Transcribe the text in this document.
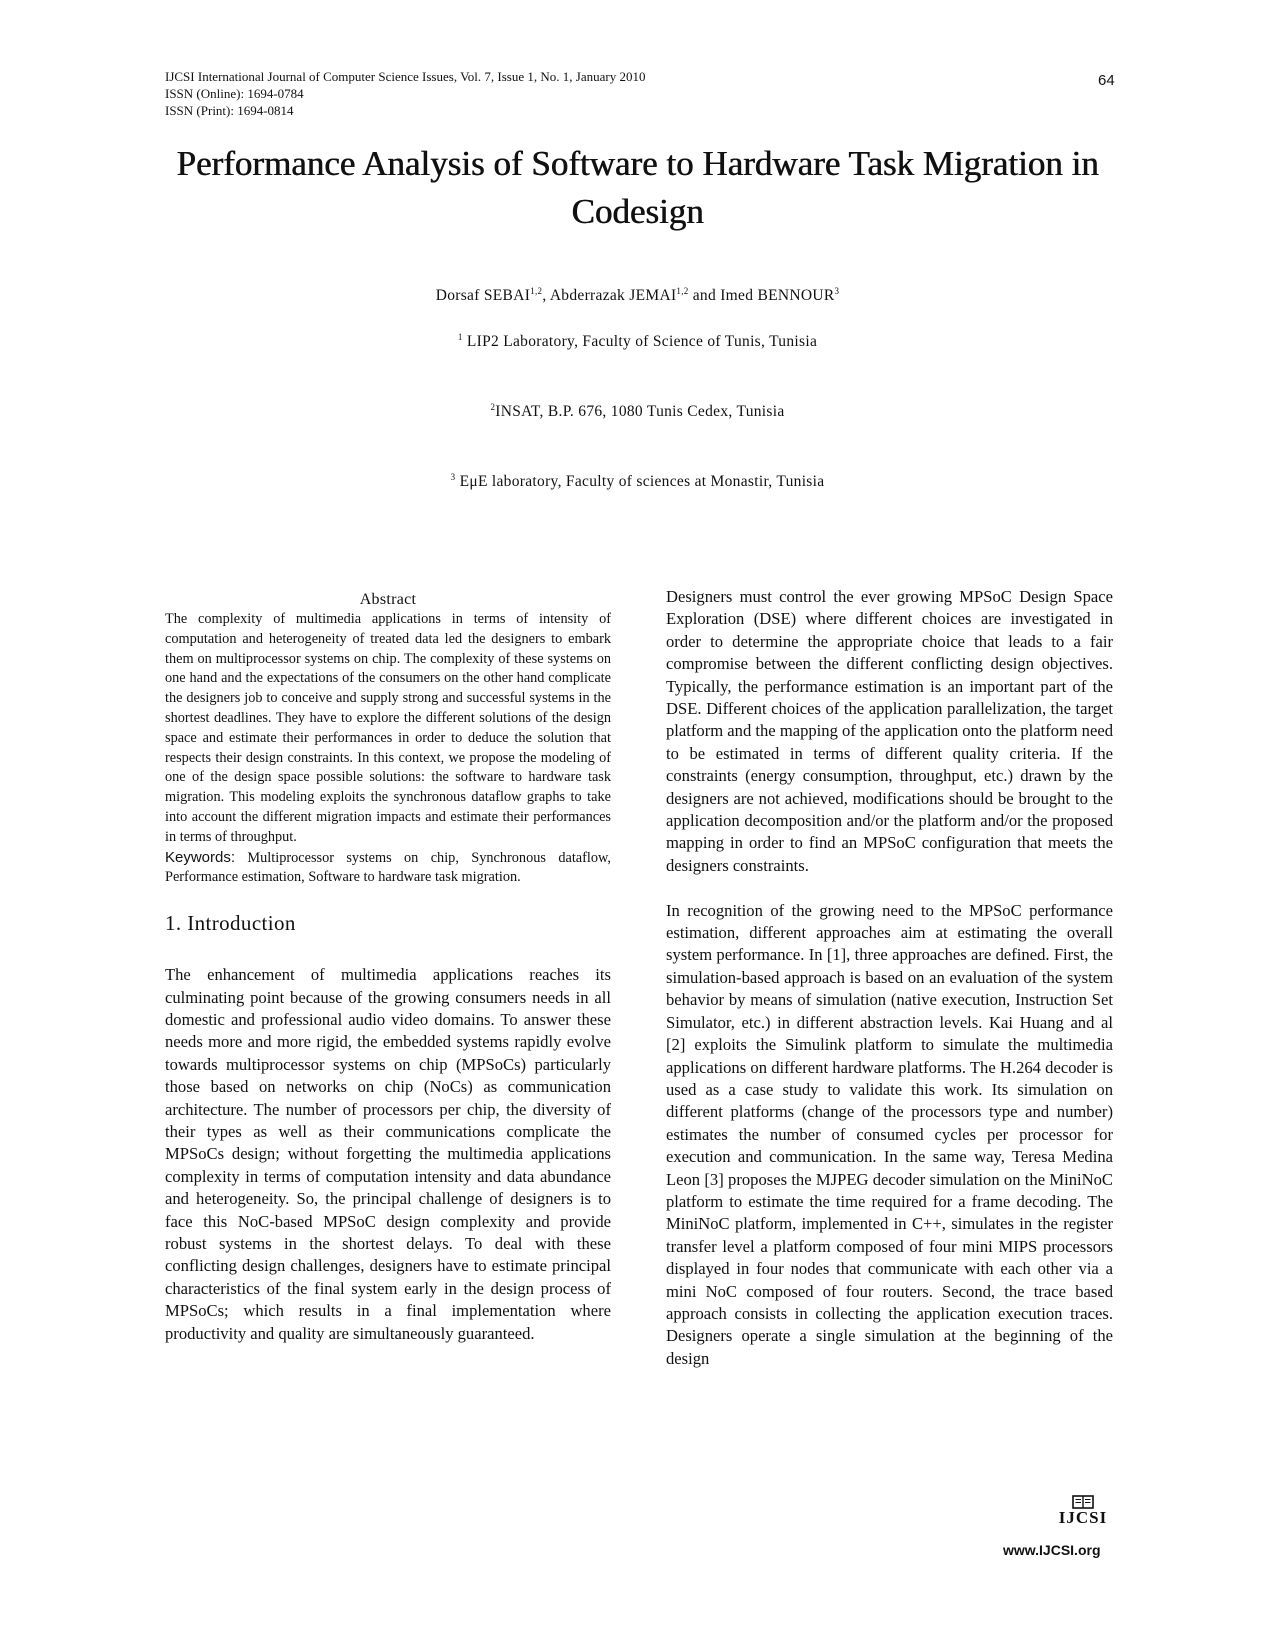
IJCSI International Journal of Computer Science Issues, Vol. 7, Issue 1, No. 1, January 2010
ISSN (Online): 1694-0784
ISSN (Print): 1694-0814
64
Performance Analysis of Software to Hardware Task Migration in Codesign
Dorsaf SEBAI$^{1,2}$, Abderrazak JEMAI$^{1,2}$ and Imed BENNOUR$^3$
$^1$ LIP2 Laboratory, Faculty of Science of Tunis, Tunisia
$^2$INSAT, B.P. 676, 1080 Tunis Cedex, Tunisia
$^3$ EμE laboratory, Faculty of sciences at Monastir, Tunisia
Abstract

The complexity of multimedia applications in terms of intensity of computation and heterogeneity of treated data led the designers to embark them on multiprocessor systems on chip. The complexity of these systems on one hand and the expectations of the consumers on the other hand complicate the designers job to conceive and supply strong and successful systems in the shortest deadlines. They have to explore the different solutions of the design space and estimate their performances in order to deduce the solution that respects their design constraints. In this context, we propose the modeling of one of the design space possible solutions: the software to hardware task migration. This modeling exploits the synchronous dataflow graphs to take into account the different migration impacts and estimate their performances in terms of throughput.

Keywords: Multiprocessor systems on chip, Synchronous dataflow, Performance estimation, Software to hardware task migration.

1. Introduction

The enhancement of multimedia applications reaches its culminating point because of the growing consumers needs in all domestic and professional audio video domains. To answer these needs more and more rigid, the embedded systems rapidly evolve towards multiprocessor systems on chip (MPSoCs) particularly those based on networks on chip (NoCs) as communication architecture. The number of processors per chip, the diversity of their types as well as their communications complicate the MPSoCs design; without forgetting the multimedia applications complexity in terms of computation intensity and data abundance and heterogeneity. So, the principal challenge of designers is to face this NoC-based MPSoC design complexity and provide robust systems in the shortest delays. To deal with these conflicting design challenges, designers have to estimate principal characteristics of the final system early in the design process of MPSoCs; which results in a final implementation where productivity and quality are simultaneously guaranteed.

Designers must control the ever growing MPSoC Design Space Exploration (DSE) where different choices are investigated in order to determine the appropriate choice that leads to a fair compromise between the different conflicting design objectives. Typically, the performance estimation is an important part of the DSE. Different choices of the application parallelization, the target platform and the mapping of the application onto the platform need to be estimated in terms of different quality criteria. If the constraints (energy consumption, throughput, etc.) drawn by the designers are not achieved, modifications should be brought to the application decomposition and/or the platform and/or the proposed mapping in order to find an MPSoC configuration that meets the designers constraints.

In recognition of the growing need to the MPSoC performance estimation, different approaches aim at estimating the overall system performance. In [1], three approaches are defined. First, the simulation-based approach is based on an evaluation of the system behavior by means of simulation (native execution, Instruction Set Simulator, etc.) in different abstraction levels. Kai Huang and al [2] exploits the Simulink platform to simulate the multimedia applications on different hardware platforms. The H.264 decoder is used as a case study to validate this work. Its simulation on different platforms (change of the processors type and number) estimates the number of consumed cycles per processor for execution and communication. In the same way, Teresa Medina Leon [3] proposes the MJPEG decoder simulation on the MiniNoC platform to estimate the time required for a frame decoding. The MiniNoC platform, implemented in C++, simulates in the register transfer level a platform composed of four mini MIPS processors displayed in four nodes that communicate with each other via a mini NoC composed of four routers. Second, the trace based approach consists in collecting the application execution traces. Designers operate a single simulation at the beginning of the design

IJCSI
www.IJCSI.org
